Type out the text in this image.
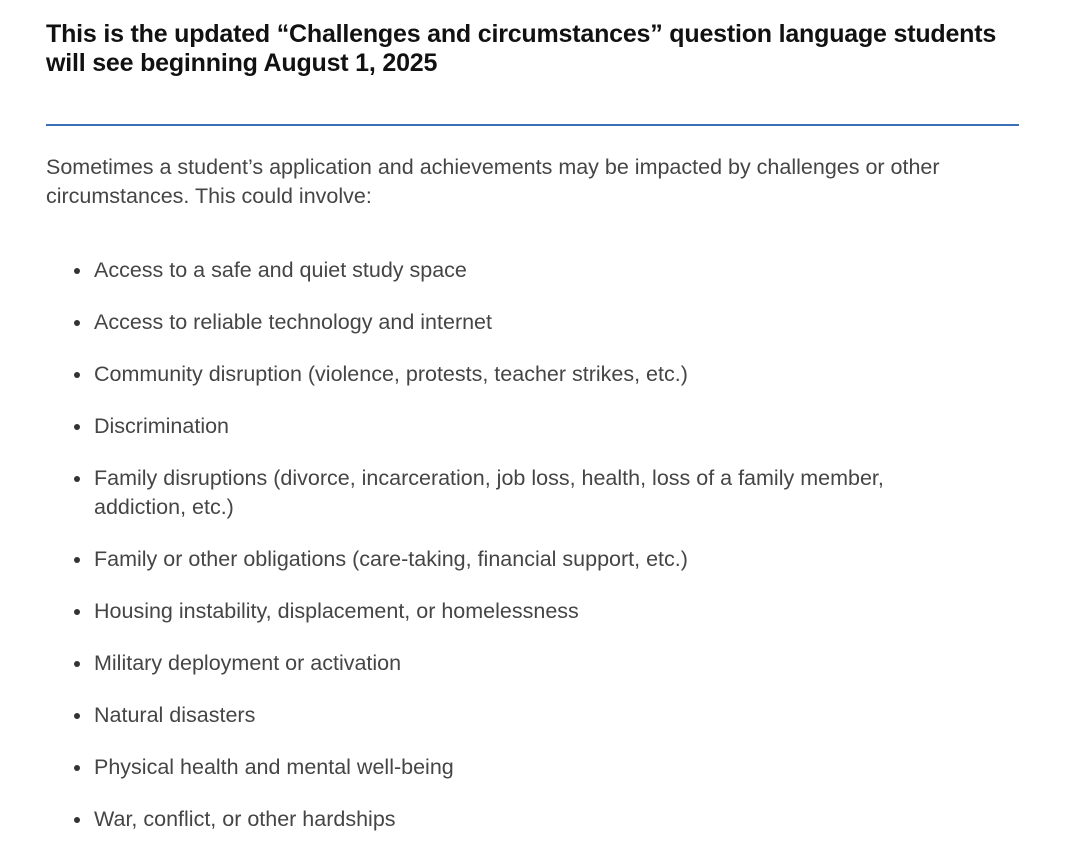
This is the updated “Challenges and circumstances” question language students will see beginning August 1, 2025

Sometimes a student’s application and achievements may be impacted by challenges or other circumstances. This could involve:

Access to a safe and quiet study space
Access to reliable technology and internet
Community disruption (violence, protests, teacher strikes, etc.)
Discrimination
Family disruptions (divorce, incarceration, job loss, health, loss of a family member, addiction, etc.)
Family or other obligations (care-taking, financial support, etc.)
Housing instability, displacement, or homelessness
Military deployment or activation
Natural disasters
Physical health and mental well-being
War, conflict, or other hardships
